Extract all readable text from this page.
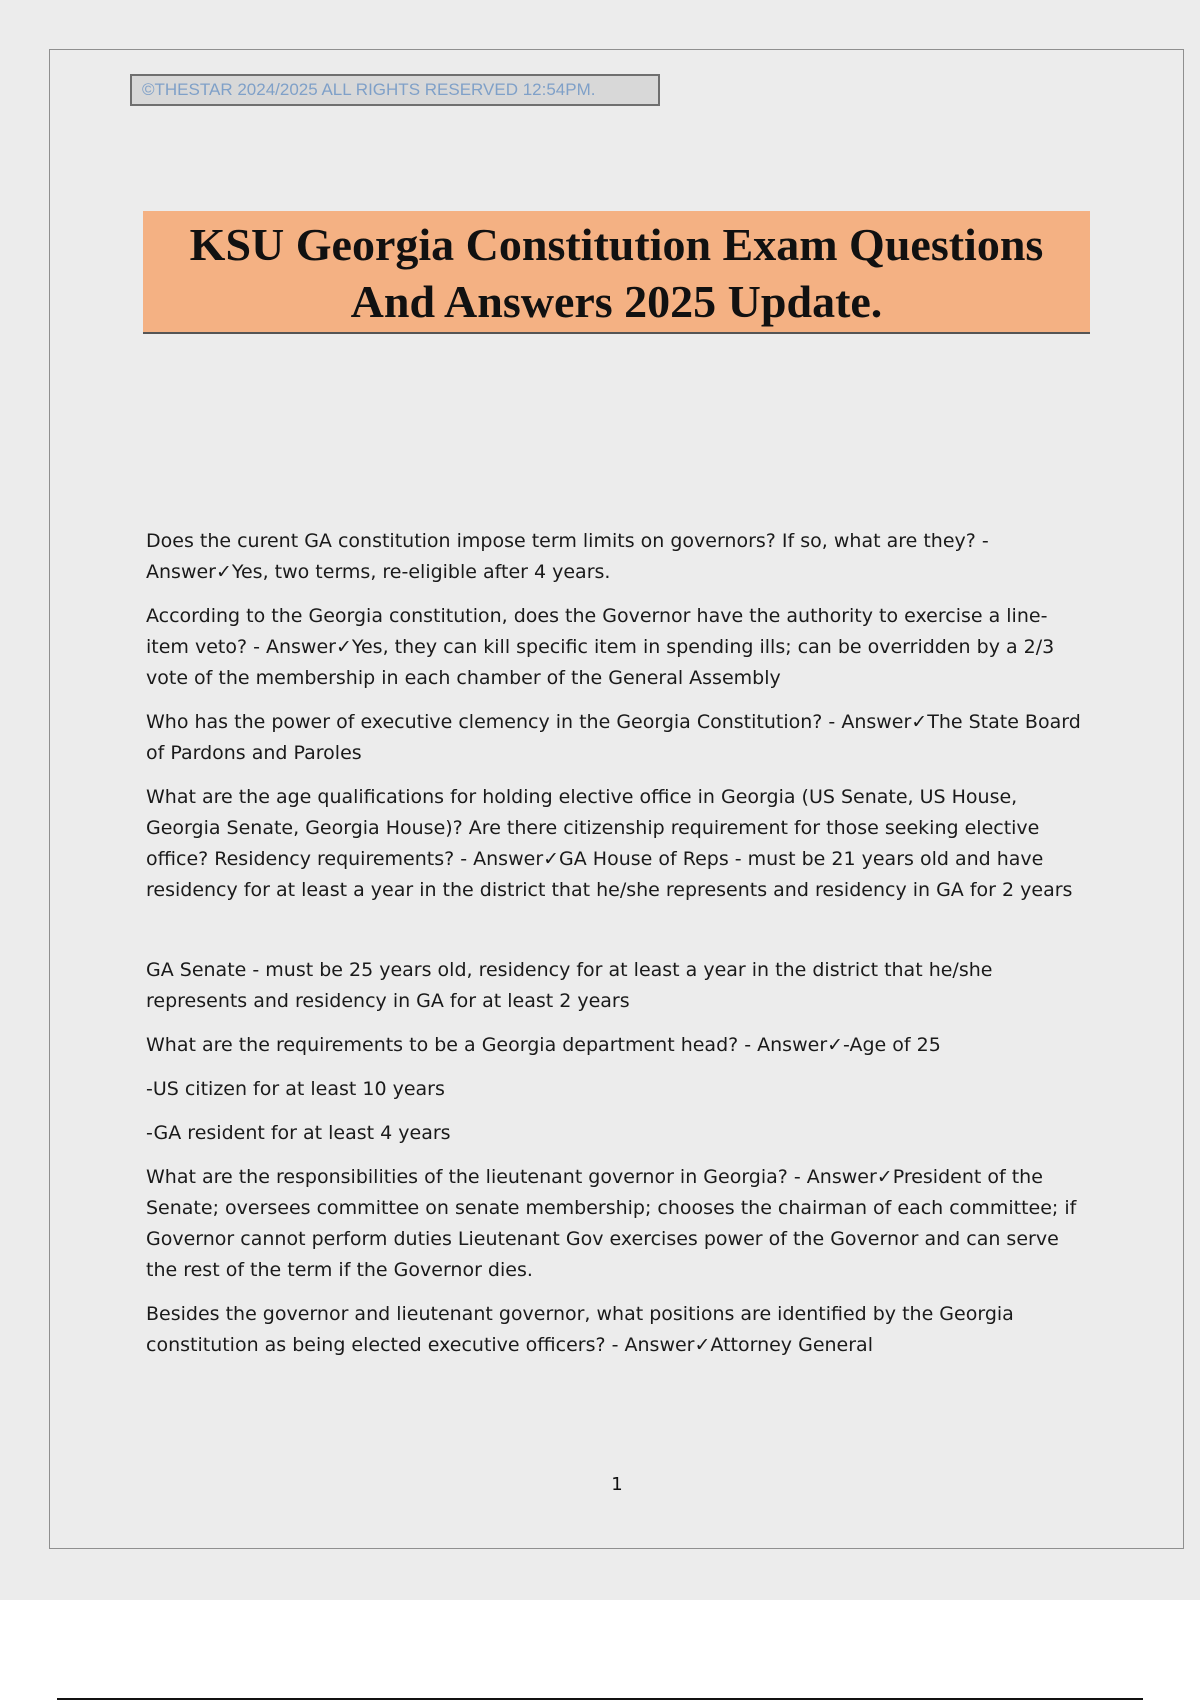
©THESTAR 2024/2025 ALL RIGHTS RESERVED 12:54PM.
KSU Georgia Constitution Exam Questions
And Answers 2025 Update.

Does the curent GA constitution impose term limits on governors? If so, what are they? - Answer✓Yes, two terms, re-eligible after 4 years.

According to the Georgia constitution, does the Governor have the authority to exercise a line-item veto? - Answer✓Yes, they can kill specific item in spending ills; can be overridden by a 2/3 vote of the membership in each chamber of the General Assembly

Who has the power of executive clemency in the Georgia Constitution? - Answer✓The State Board of Pardons and Paroles

What are the age qualifications for holding elective office in Georgia (US Senate, US House, Georgia Senate, Georgia House)? Are there citizenship requirement for those seeking elective office? Residency requirements? - Answer✓GA House of Reps - must be 21 years old and have residency for at least a year in the district that he/she represents and residency in GA for 2 years

GA Senate - must be 25 years old, residency for at least a year in the district that he/she represents and residency in GA for at least 2 years

What are the requirements to be a Georgia department head? - Answer✓-Age of 25

-US citizen for at least 10 years

-GA resident for at least 4 years

What are the responsibilities of the lieutenant governor in Georgia? - Answer✓President of the Senate; oversees committee on senate membership; chooses the chairman of each committee; if Governor cannot perform duties Lieutenant Gov exercises power of the Governor and can serve the rest of the term if the Governor dies.

Besides the governor and lieutenant governor, what positions are identified by the Georgia constitution as being elected executive officers? - Answer✓Attorney General

1
